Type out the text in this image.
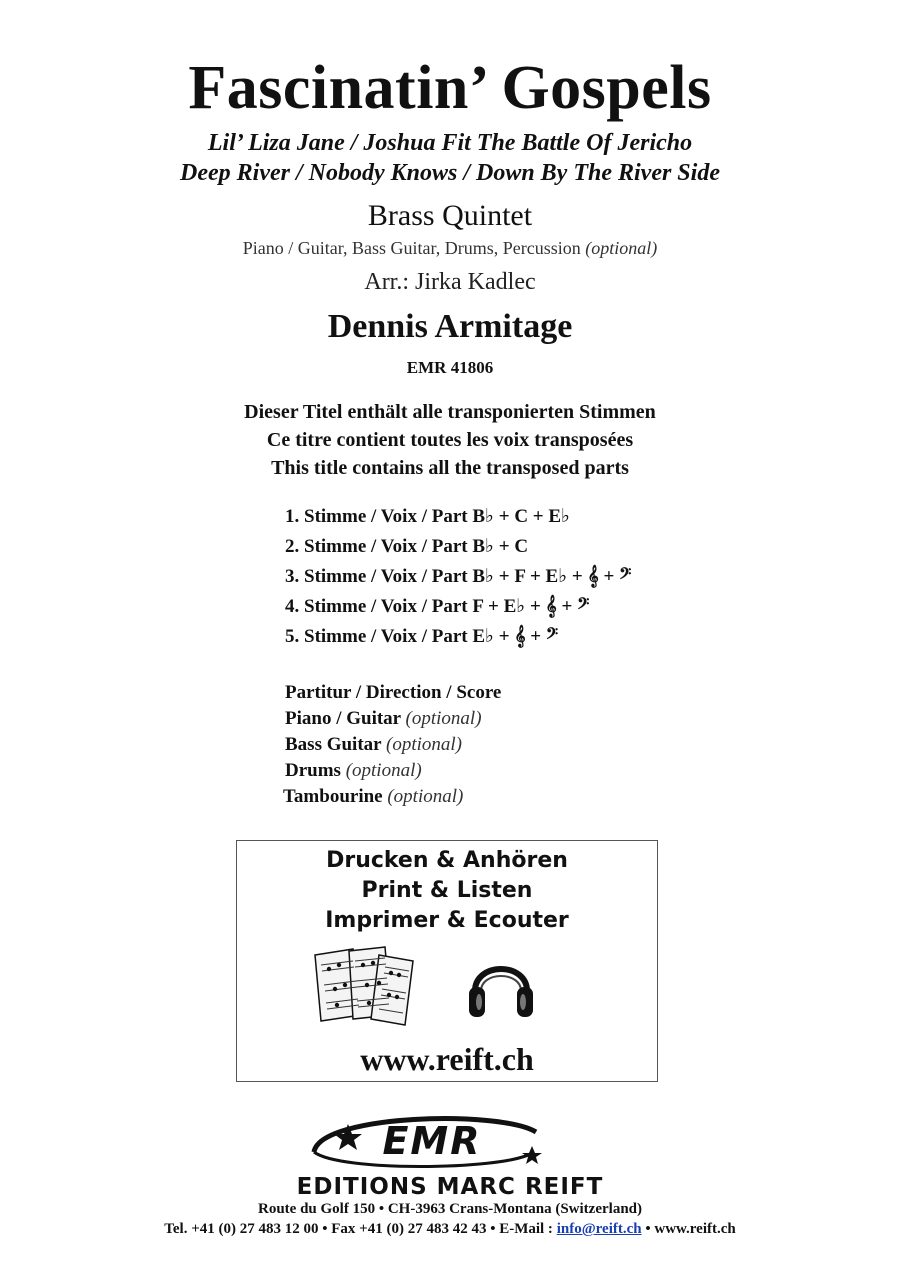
Fascinatin’ Gospels
Lil’ Liza Jane / Joshua Fit The Battle Of Jericho
Deep River / Nobody Knows / Down By The River Side
Brass Quintet
Piano / Guitar, Bass Guitar, Drums, Percussion (optional)
Arr.: Jirka Kadlec
Dennis Armitage
EMR 41806
Dieser Titel enthält alle transponierten Stimmen
Ce titre contient toutes les voix transposées
This title contains all the transposed parts
1. Stimme / Voix / Part B♭ + C + E♭
2. Stimme / Voix / Part B♭ + C
3. Stimme / Voix / Part B♭ + F + E♭ + 𝄞 + 𝄢
4. Stimme / Voix / Part F + E♭ + 𝄞 + 𝄢
5. Stimme / Voix / Part E♭ + 𝄞 + 𝄢
Partitur / Direction / Score
Piano / Guitar (optional)
Bass Guitar (optional)
Drums (optional)
Tambourine (optional)
Drucken & Anhören
Print & Listen
Imprimer & Ecouter
www.reift.ch
EMR
EDITIONS MARC REIFT
Route du Golf 150 • CH-3963 Crans-Montana (Switzerland)
Tel. +41 (0) 27 483 12 00 • Fax +41 (0) 27 483 42 43 • E-Mail : info@reift.ch • www.reift.ch
